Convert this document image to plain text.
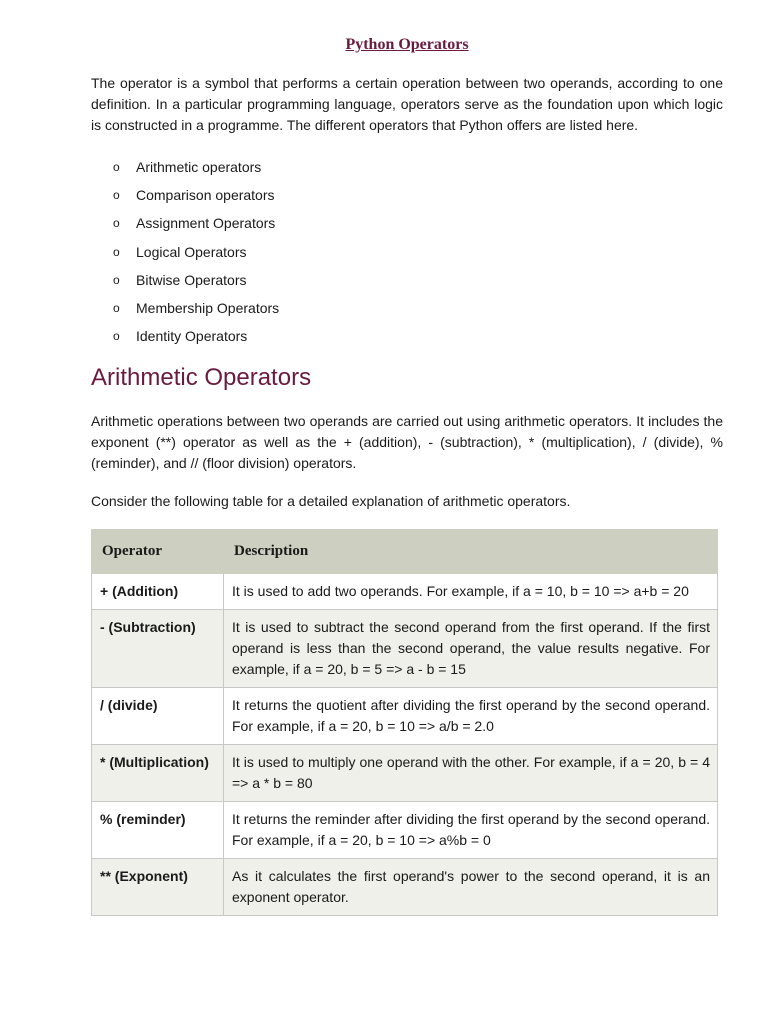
Python Operators

The operator is a symbol that performs a certain operation between two operands, according to one definition. In a particular programming language, operators serve as the foundation upon which logic is constructed in a programme. The different operators that Python offers are listed here.

o Arithmetic operators
o Comparison operators
o Assignment Operators
o Logical Operators
o Bitwise Operators
o Membership Operators
o Identity Operators
Arithmetic Operators

Arithmetic operations between two operands are carried out using arithmetic operators. It includes the exponent (**) operator as well as the + (addition), - (subtraction), * (multiplication), / (divide), % (reminder), and // (floor division) operators.

Consider the following table for a detailed explanation of arithmetic operators.

Operator	Description
+ (Addition)	It is used to add two operands. For example, if a = 10, b = 10 => a+b = 20
- (Subtraction)	It is used to subtract the second operand from the first operand. If the first operand is less than the second operand, the value results negative. For example, if a = 20, b = 5 => a - b = 15
/ (divide)	It returns the quotient after dividing the first operand by the second operand. For example, if a = 20, b = 10 => a/b = 2.0
* (Multiplication)	It is used to multiply one operand with the other. For example, if a = 20, b = 4 => a * b = 80
% (reminder)	It returns the reminder after dividing the first operand by the second operand. For example, if a = 20, b = 10 => a%b = 0
** (Exponent)	As it calculates the first operand's power to the second operand, it is an exponent operator.
